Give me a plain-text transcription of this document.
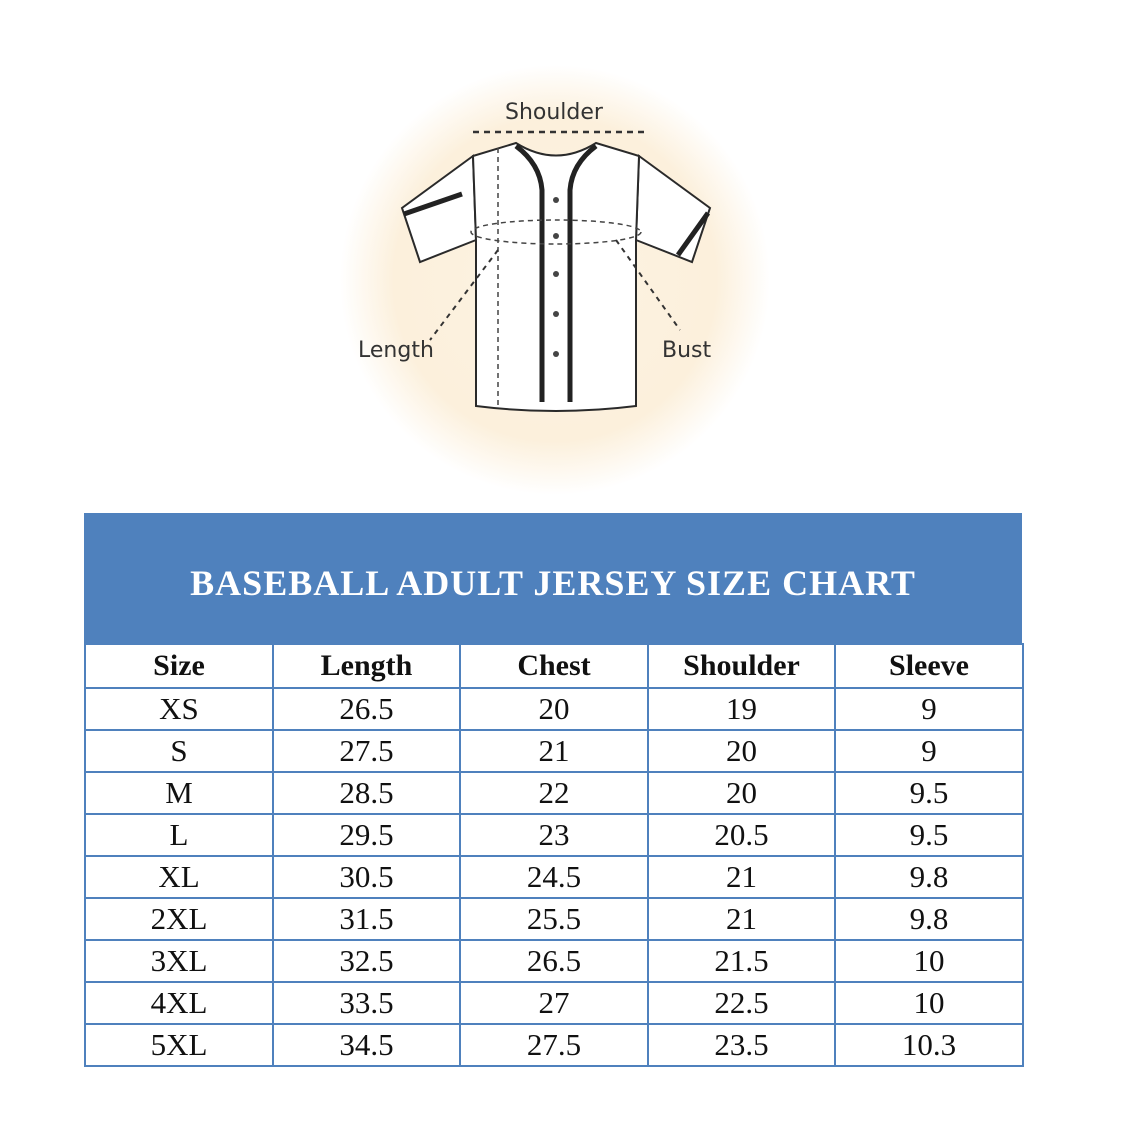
Shoulder
Length	Bust
BASEBALL ADULT JERSEY SIZE CHART
Size	Length	Chest	Shoulder	Sleeve
XS	26.5	20	19	9
S	27.5	21	20	9
M	28.5	22	20	9.5
L	29.5	23	20.5	9.5
XL	30.5	24.5	21	9.8
2XL	31.5	25.5	21	9.8
3XL	32.5	26.5	21.5	10
4XL	33.5	27	22.5	10
5XL	34.5	27.5	23.5	10.3
